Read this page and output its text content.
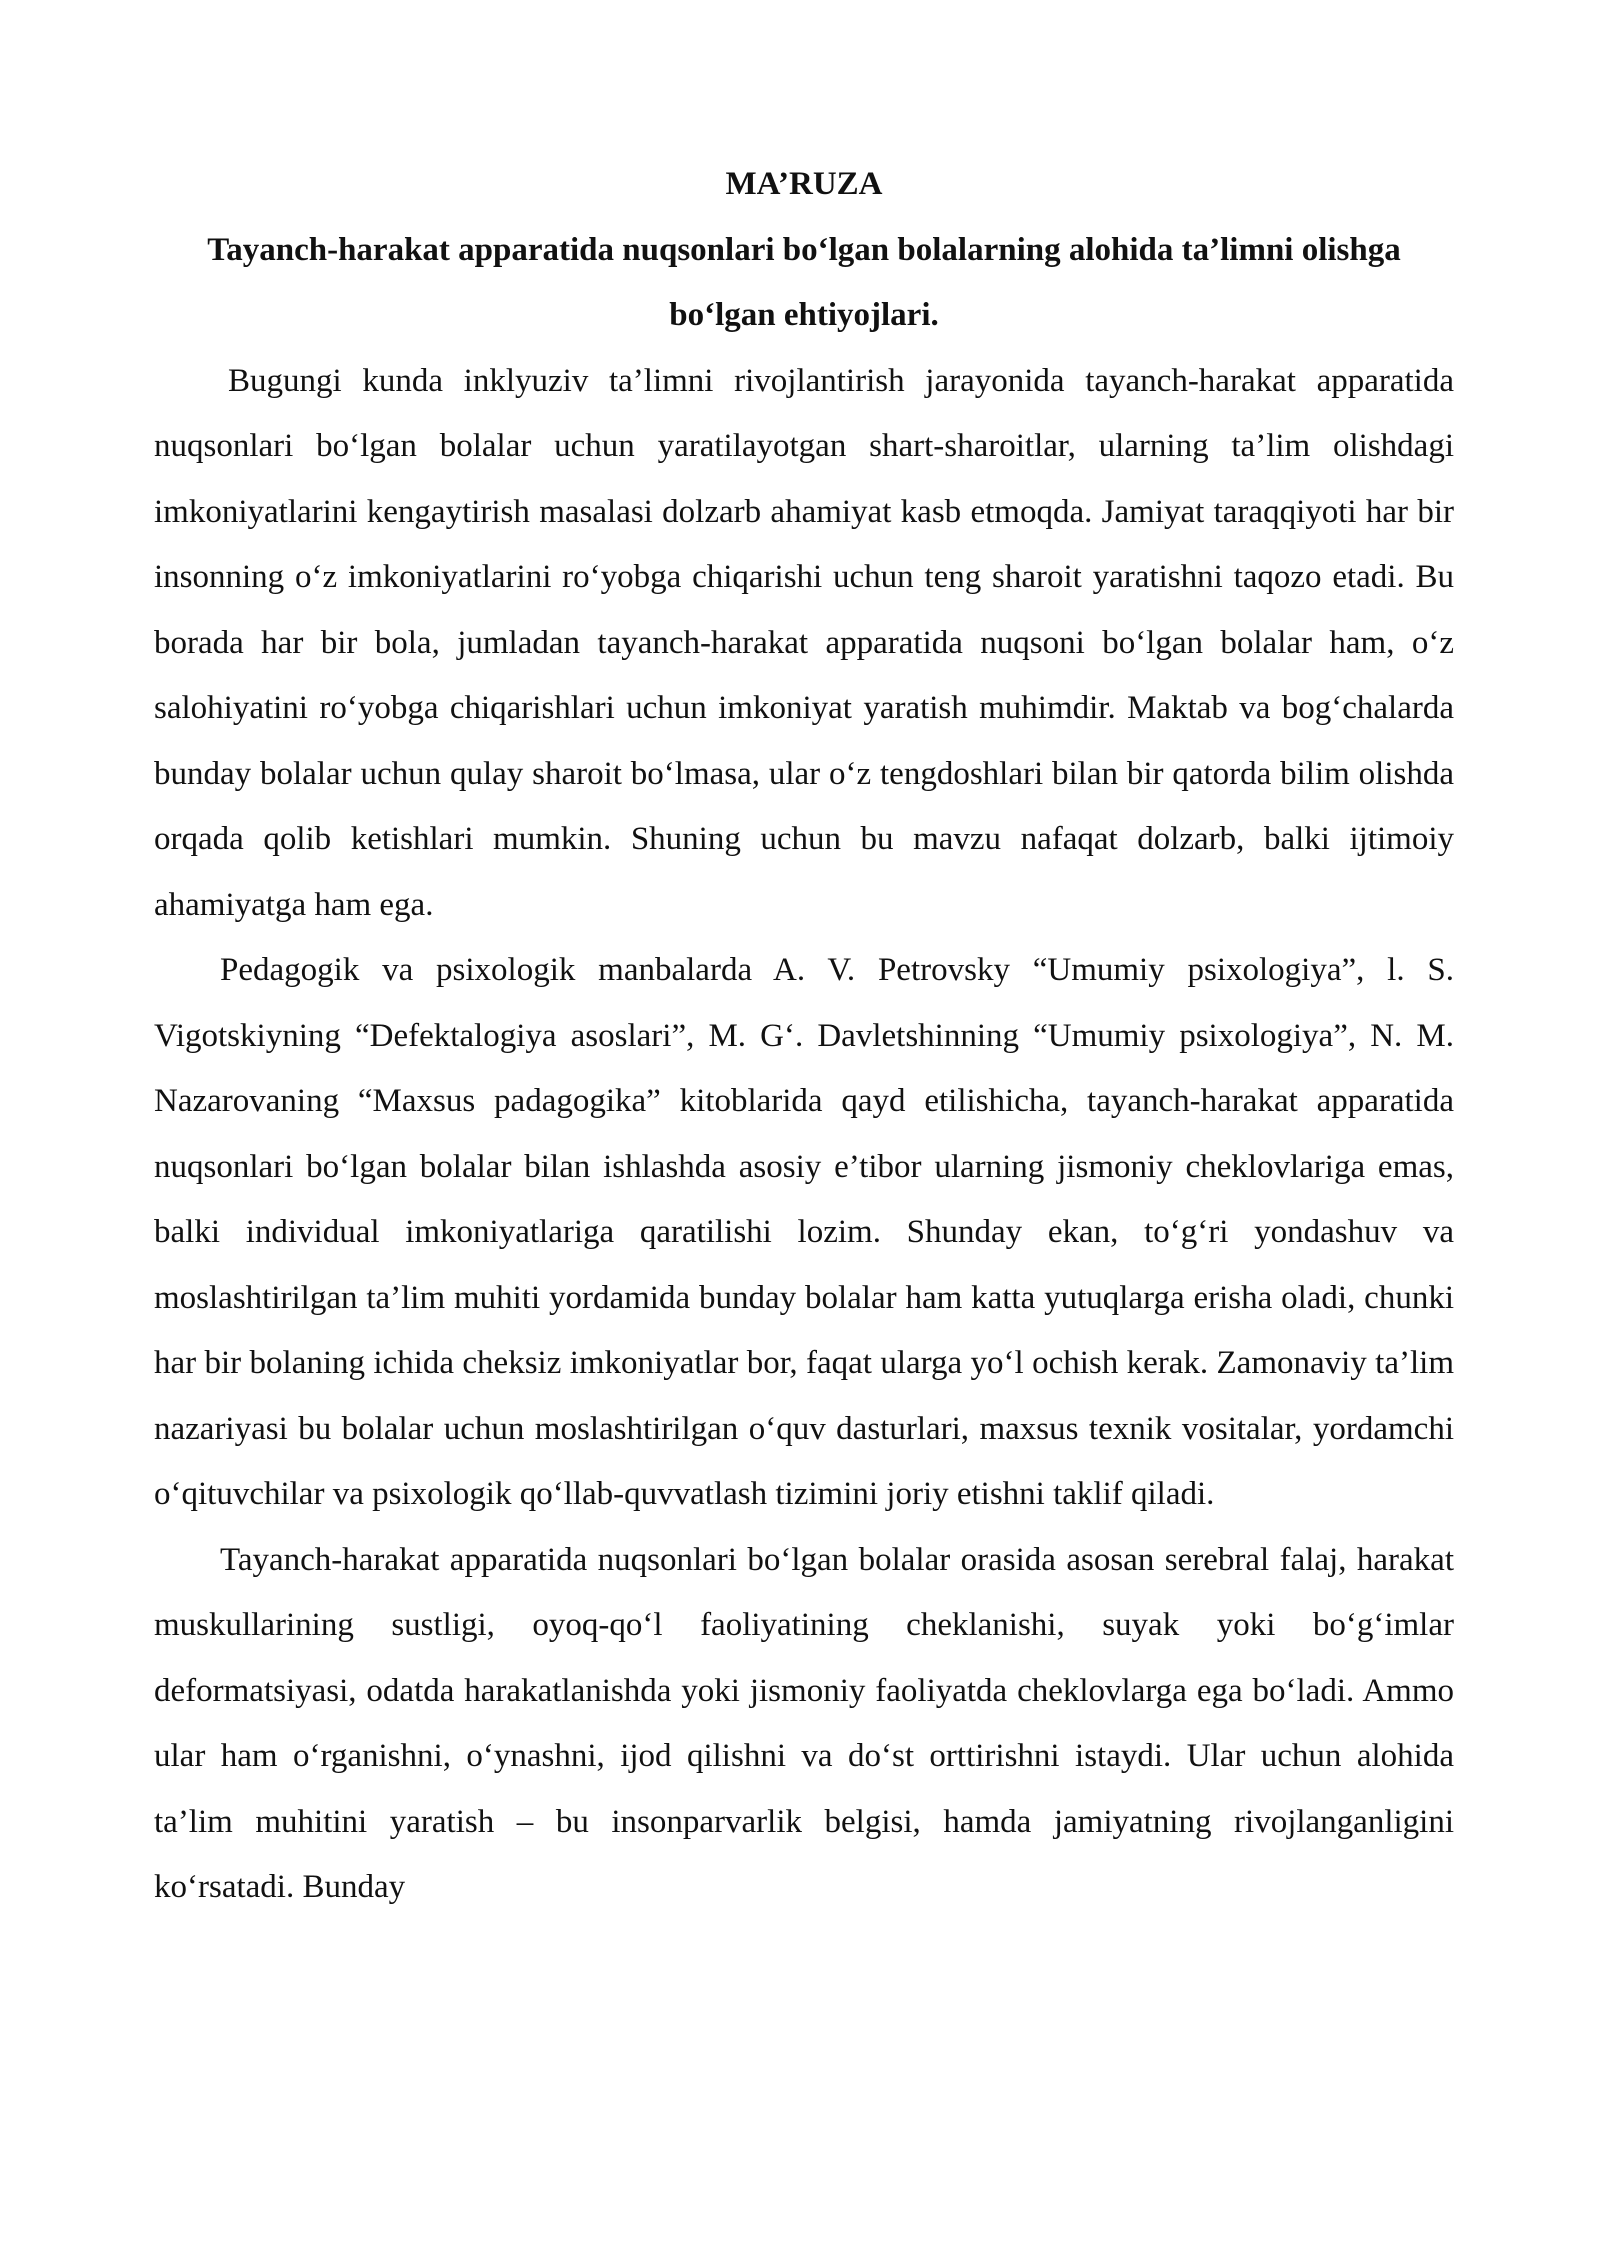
MA’RUZA

Tayanch-harakat apparatida nuqsonlari bo‘lgan bolalarning alohida ta’limni olishga bo‘lgan ehtiyojlari.

Bugungi kunda inklyuziv ta’limni rivojlantirish jarayonida tayanch-harakat apparatida nuqsonlari bo‘lgan bolalar uchun yaratilayotgan shart-sharoitlar, ularning ta’lim olishdagi imkoniyatlarini kengaytirish masalasi dolzarb ahamiyat kasb etmoqda. Jamiyat taraqqiyoti har bir insonning o‘z imkoniyatlarini ro‘yobga chiqarishi uchun teng sharoit yaratishni taqozo etadi. Bu borada har bir bola, jumladan tayanch-harakat apparatida nuqsoni bo‘lgan bolalar ham, o‘z salohiyatini ro‘yobga chiqarishlari uchun imkoniyat yaratish muhimdir. Maktab va bog‘chalarda bunday bolalar uchun qulay sharoit bo‘lmasa, ular o‘z tengdoshlari bilan bir qatorda bilim olishda orqada qolib ketishlari mumkin. Shuning uchun bu mavzu nafaqat dolzarb, balki ijtimoiy ahamiyatga ham ega.

Pedagogik va psixologik manbalarda A. V. Petrovsky “Umumiy psixologiya”, l. S. Vigotskiyning “Defektalogiya asoslari”, M. G‘. Davletshinning “Umumiy psixologiya”, N. M. Nazarovaning “Maxsus padagogika” kitoblarida qayd etilishicha, tayanch-harakat apparatida nuqsonlari bo‘lgan bolalar bilan ishlashda asosiy e’tibor ularning jismoniy cheklovlariga emas, balki individual imkoniyatlariga qaratilishi lozim. Shunday ekan, to‘g‘ri yondashuv va moslashtirilgan ta’lim muhiti yordamida bunday bolalar ham katta yutuqlarga erisha oladi, chunki har bir bolaning ichida cheksiz imkoniyatlar bor, faqat ularga yo‘l ochish kerak. Zamonaviy ta’lim nazariyasi bu bolalar uchun moslashtirilgan o‘quv dasturlari, maxsus texnik vositalar, yordamchi o‘qituvchilar va psixologik qo‘llab-quvvatlash tizimini joriy etishni taklif qiladi.

Tayanch-harakat apparatida nuqsonlari bo‘lgan bolalar orasida asosan serebral falaj, harakat muskullarining sustligi, oyoq-qo‘l faoliyatining cheklanishi, suyak yoki bo‘g‘imlar deformatsiyasi, odatda harakatlanishda yoki jismoniy faoliyatda cheklovlarga ega bo‘ladi. Ammo ular ham o‘rganishni, o‘ynashni, ijod qilishni va do‘st orttirishni istaydi. Ular uchun alohida ta’lim muhitini yaratish – bu insonparvarlik belgisi, hamda jamiyatning rivojlanganligini ko‘rsatadi. Bunday
